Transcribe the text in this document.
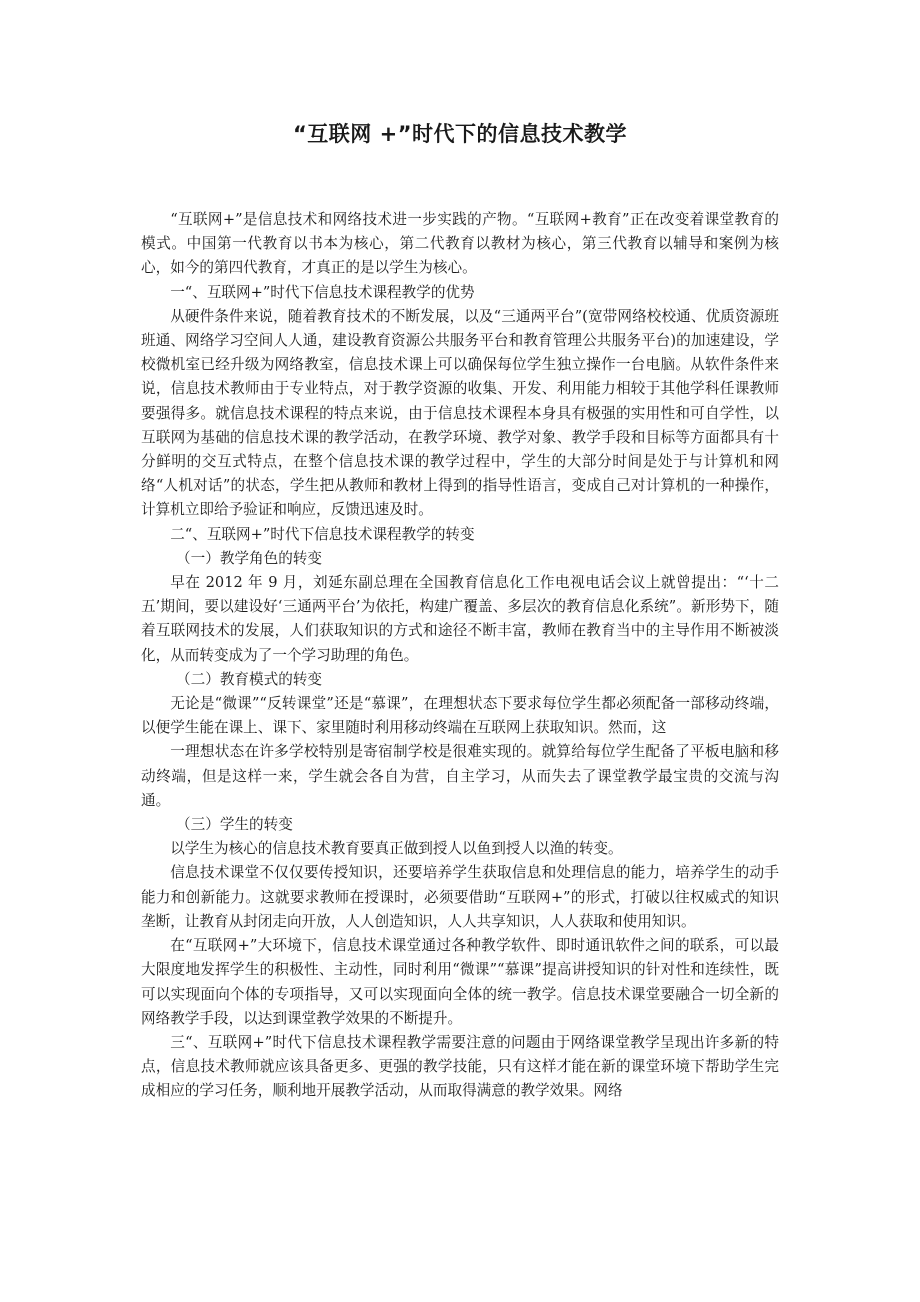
“互联网 +”时代下的信息技术教学

“互联网+”是信息技术和网络技术进一步实践的产物。“互联网+教育”正在改变着课堂教育的模式。中国第一代教育以书本为核心，第二代教育以教材为核心，第三代教育以辅导和案例为核心，如今的第四代教育，才真正的是以学生为核心。

一“、互联网+”时代下信息技术课程教学的优势

从硬件条件来说，随着教育技术的不断发展，以及“三通两平台”(宽带网络校校通、优质资源班班通、网络学习空间人人通，建设教育资源公共服务平台和教育管理公共服务平台)的加速建设，学校微机室已经升级为网络教室，信息技术课上可以确保每位学生独立操作一台电脑。从软件条件来说，信息技术教师由于专业特点，对于教学资源的收集、开发、利用能力相较于其他学科任课教师要强得多。就信息技术课程的特点来说，由于信息技术课程本身具有极强的实用性和可自学性，以互联网为基础的信息技术课的教学活动，在教学环境、教学对象、教学手段和目标等方面都具有十分鲜明的交互式特点，在整个信息技术课的教学过程中，学生的大部分时间是处于与计算机和网络“人机对话”的状态，学生把从教师和教材上得到的指导性语言，变成自己对计算机的一种操作，计算机立即给予验证和响应，反馈迅速及时。

二“、互联网+”时代下信息技术课程教学的转变

（一）教学角色的转变

早在 2012 年 9 月，刘延东副总理在全国教育信息化工作电视电话会议上就曾提出：“‘十二五’期间，要以建设好‘三通两平台’为依托，构建广覆盖、多层次的教育信息化系统”。新形势下，随着互联网技术的发展，人们获取知识的方式和途径不断丰富，教师在教育当中的主导作用不断被淡化，从而转变成为了一个学习助理的角色。

（二）教育模式的转变

无论是“微课”“反转课堂”还是“慕课”，在理想状态下要求每位学生都必须配备一部移动终端，以便学生能在课上、课下、家里随时利用移动终端在互联网上获取知识。然而，这

一理想状态在许多学校特别是寄宿制学校是很难实现的。就算给每位学生配备了平板电脑和移动终端，但是这样一来，学生就会各自为营，自主学习，从而失去了课堂教学最宝贵的交流与沟通。

（三）学生的转变

以学生为核心的信息技术教育要真正做到授人以鱼到授人以渔的转变。

信息技术课堂不仅仅要传授知识，还要培养学生获取信息和处理信息的能力，培养学生的动手能力和创新能力。这就要求教师在授课时，必须要借助“互联网+”的形式，打破以往权威式的知识垄断，让教育从封闭走向开放，人人创造知识，人人共享知识，人人获取和使用知识。

在“互联网+”大环境下，信息技术课堂通过各种教学软件、即时通讯软件之间的联系，可以最大限度地发挥学生的积极性、主动性，同时利用“微课”“慕课”提高讲授知识的针对性和连续性，既可以实现面向个体的专项指导，又可以实现面向全体的统一教学。信息技术课堂要融合一切全新的网络教学手段，以达到课堂教学效果的不断提升。

三“、互联网+”时代下信息技术课程教学需要注意的问题由于网络课堂教学呈现出许多新的特点，信息技术教师就应该具备更多、更强的教学技能，只有这样才能在新的课堂环境下帮助学生完成相应的学习任务，顺利地开展教学活动，从而取得满意的教学效果。网络
